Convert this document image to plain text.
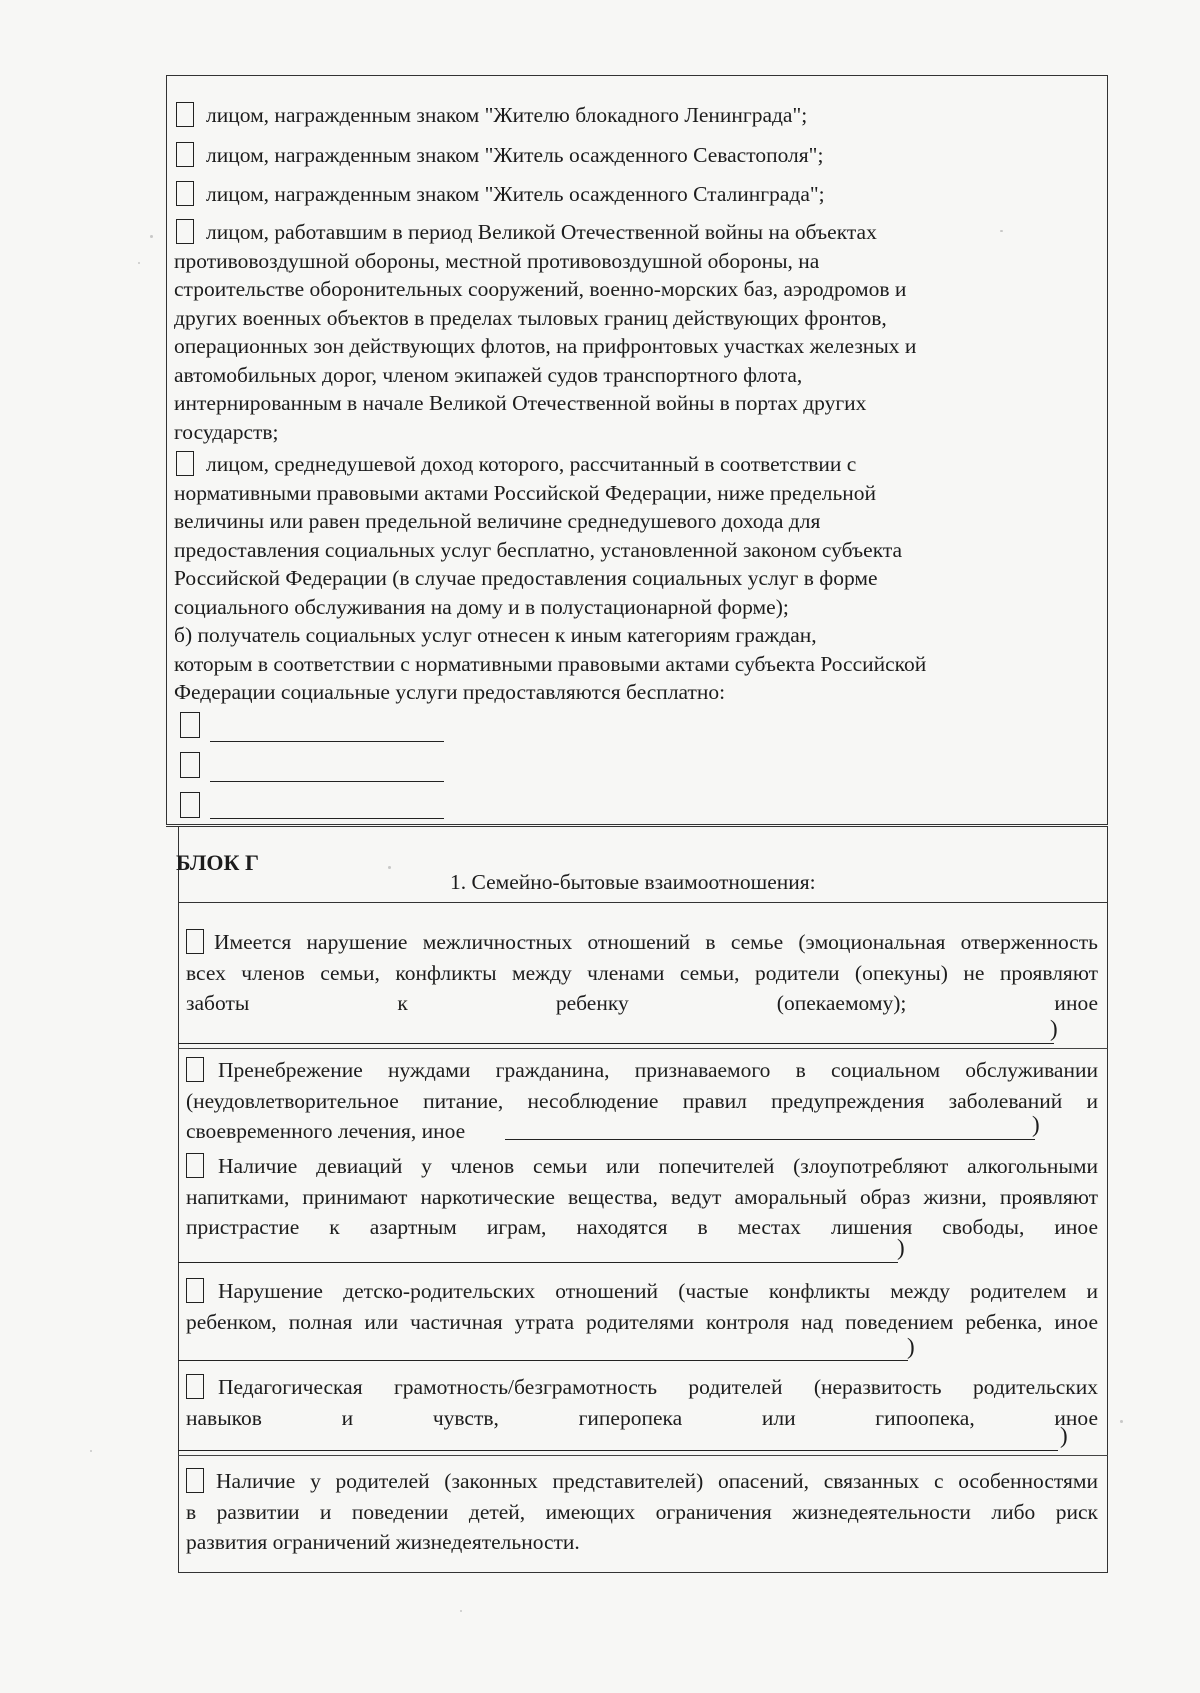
лицом, награжденным знаком "Жителю блокадного Ленинграда";
лицом, награжденным знаком "Житель осажденного Севастополя";
лицом, награжденным знаком "Житель осажденного Сталинграда";
лицом, работавшим в период Великой Отечественной войны на объектах
противовоздушной обороны, местной противовоздушной обороны, на
строительстве оборонительных сооружений, военно-морских баз, аэродромов и
других военных объектов в пределах тыловых границ действующих фронтов,
операционных зон действующих флотов, на прифронтовых участках железных и
автомобильных дорог, членом экипажей судов транспортного флота,
интернированным в начале Великой Отечественной войны в портах других
государств;
лицом, среднедушевой доход которого, рассчитанный в соответствии с
нормативными правовыми актами Российской Федерации, ниже предельной
величины или равен предельной величине среднедушевого дохода для
предоставления социальных услуг бесплатно, установленной законом субъекта
Российской Федерации (в случае предоставления социальных услуг в форме
социального обслуживания на дому и в полустационарной форме);
б) получатель социальных услуг отнесен к иным категориям граждан,
которым в соответствии с нормативными правовыми актами субъекта Российской
Федерации социальные услуги предоставляются бесплатно:
БЛОК Г
1. Семейно-бытовые взаимоотношения:
Имеется нарушение межличностных отношений в семье (эмоциональная отверженность
всех членов семьи, конфликты между членами семьи, родители (опекуны) не проявляют
заботы к ребенку (опекаемому); иное
)
Пренебрежение нуждами гражданина, признаваемого в социальном обслуживании
(неудовлетворительное питание, несоблюдение правил предупреждения заболеваний и
своевременного лечения, иное	)
Наличие девиаций у членов семьи или попечителей (злоупотребляют алкогольными
напитками, принимают наркотические вещества, ведут аморальный образ жизни, проявляют
пристрастие к азартным играм, находятся в местах лишения свободы, иное
)
Нарушение детско-родительских отношений (частые конфликты между родителем и
ребенком, полная или частичная утрата родителями контроля над поведением ребенка, иное
)
Педагогическая грамотность/безграмотность родителей (неразвитость родительских
навыков и чувств, гиперопека или гипоопека, иное
)
Наличие у родителей (законных представителей) опасений, связанных с особенностями
в развитии и поведении детей, имеющих ограничения жизнедеятельности либо риск
развития ограничений жизнедеятельности.
